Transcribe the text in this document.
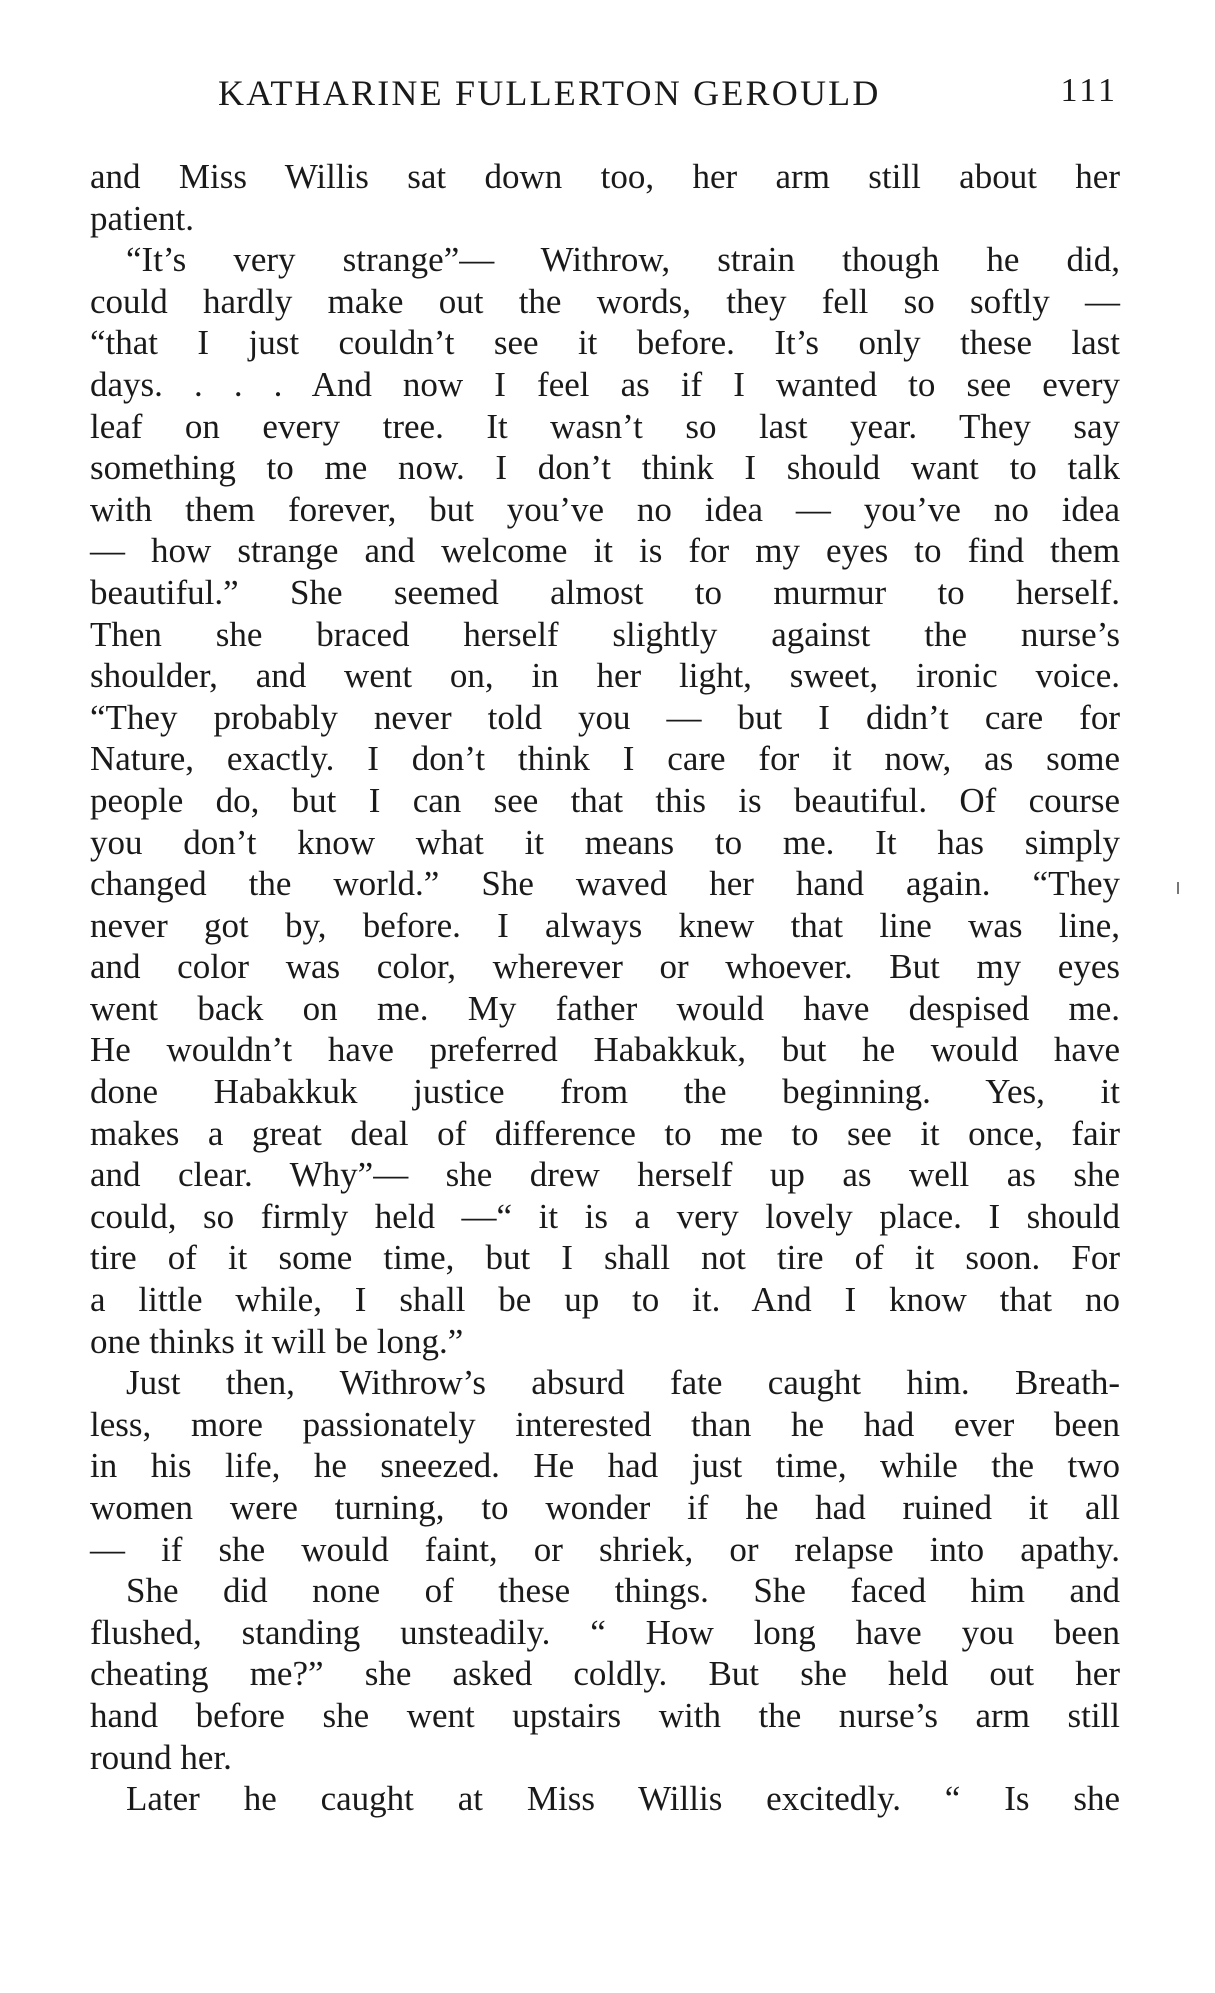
KATHARINE FULLERTON GEROULD	111
and Miss Willis sat down too, her arm still about her
patient.
“It’s very strange”— Withrow, strain though he did,
could hardly make out the words, they fell so softly —
“that I just couldn’t see it before. It’s only these last
days. . . . And now I feel as if I wanted to see every
leaf on every tree. It wasn’t so last year. They say
something to me now. I don’t think I should want to talk
with them forever, but you’ve no idea — you’ve no idea
— how strange and welcome it is for my eyes to find them
beautiful.” She seemed almost to murmur to herself.
Then she braced herself slightly against the nurse’s
shoulder, and went on, in her light, sweet, ironic voice.
“They probably never told you — but I didn’t care for
Nature, exactly. I don’t think I care for it now, as some
people do, but I can see that this is beautiful. Of course
you don’t know what it means to me. It has simply
changed the world.” She waved her hand again. “They
never got by, before. I always knew that line was line,
and color was color, wherever or whoever. But my eyes
went back on me. My father would have despised me.
He wouldn’t have preferred Habakkuk, but he would have
done Habakkuk justice from the beginning. Yes, it
makes a great deal of difference to me to see it once, fair
and clear. Why”— she drew herself up as well as she
could, so firmly held —“ it is a very lovely place. I should
tire of it some time, but I shall not tire of it soon. For
a little while, I shall be up to it. And I know that no
one thinks it will be long.”
Just then, Withrow’s absurd fate caught him. Breath-
less, more passionately interested than he had ever been
in his life, he sneezed. He had just time, while the two
women were turning, to wonder if he had ruined it all
— if she would faint, or shriek, or relapse into apathy.
She did none of these things. She faced him and
flushed, standing unsteadily. “ How long have you been
cheating me?” she asked coldly. But she held out her
hand before she went upstairs with the nurse’s arm still
round her.
Later he caught at Miss Willis excitedly. “ Is she
